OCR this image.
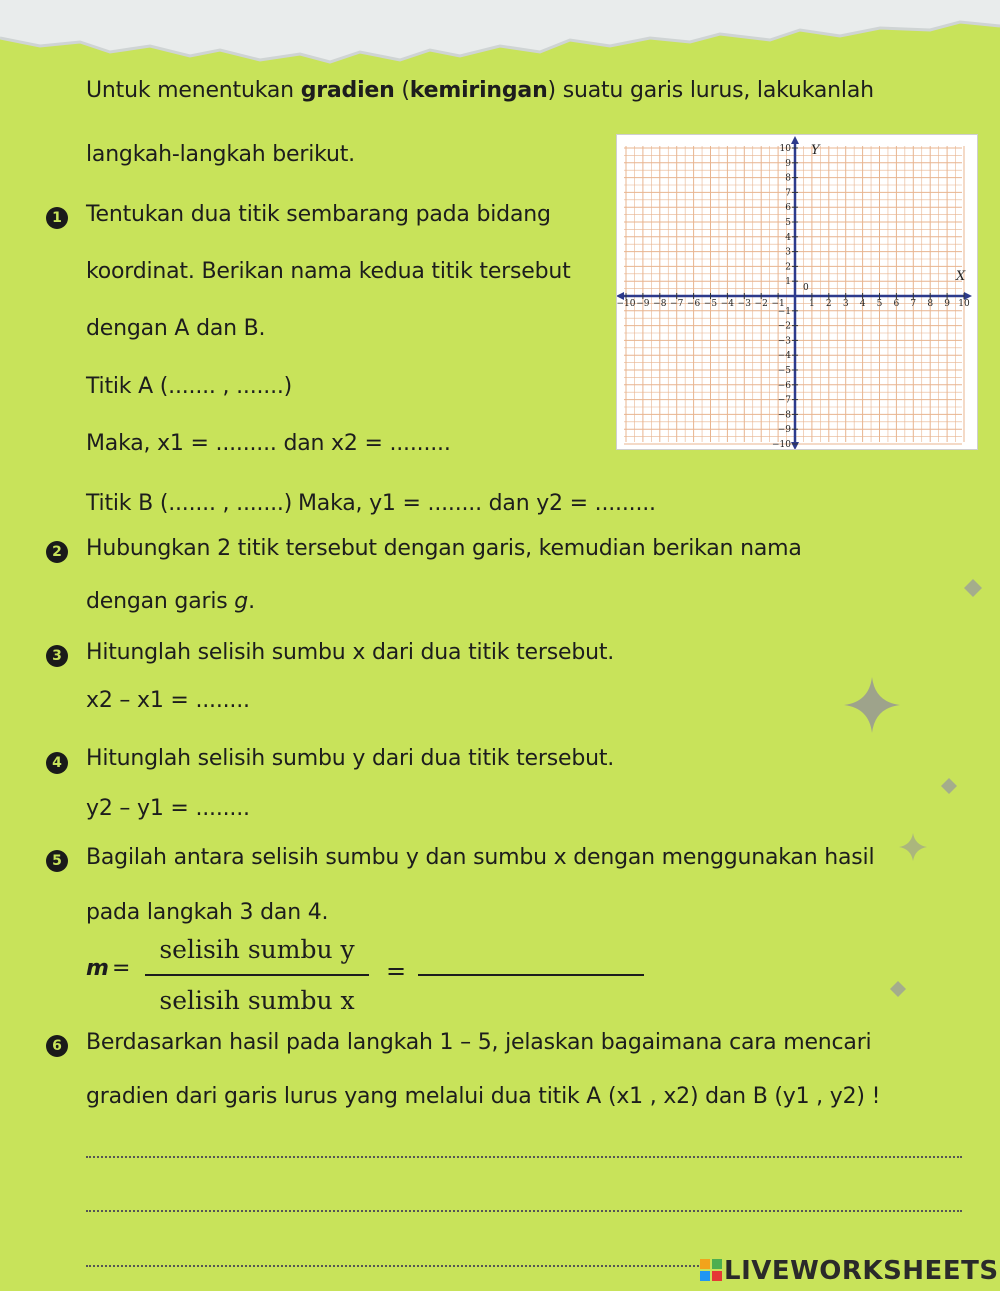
Untuk menentukan gradien (kemiringan) suatu garis lurus, lakukanlah
langkah-langkah berikut.
1 Tentukan dua titik sembarang pada bidang
koordinat. Berikan nama kedua titik tersebut
dengan A dan B.
Titik A (....... , .......)
Maka, x1 = ......... dan x2 = .........
Titik B (....... , .......) Maka, y1 = ........ dan y2 = .........
−10
−10
−9
−9
−8
−8
−7
−7
−6
−6
−5
−5
−4
−4
−3
−3
−2
−2
−1
−1
1
1
2
2
3
3
4
4
5
5
6
6
7
7
8
8
9
9
10
10
0
X
Y
2 Hubungkan 2 titik tersebut dengan garis, kemudian berikan nama
dengan garis g.
3 Hitunglah selisih sumbu x dari dua titik tersebut.
x2 – x1 = ........
4 Hitunglah selisih sumbu y dari dua titik tersebut.
y2 – y1 = ........
5 Bagilah antara selisih sumbu y dan sumbu x dengan menggunakan hasil
pada langkah 3 dan 4.
m =
selisih sumbu y
selisih sumbu x
=
6 Berdasarkan hasil pada langkah 1 – 5, jelaskan bagaimana cara mencari
gradien dari garis lurus yang melalui dua titik A (x1 , x2) dan B (y1 , y2) !
LIVEWORKSHEETS
